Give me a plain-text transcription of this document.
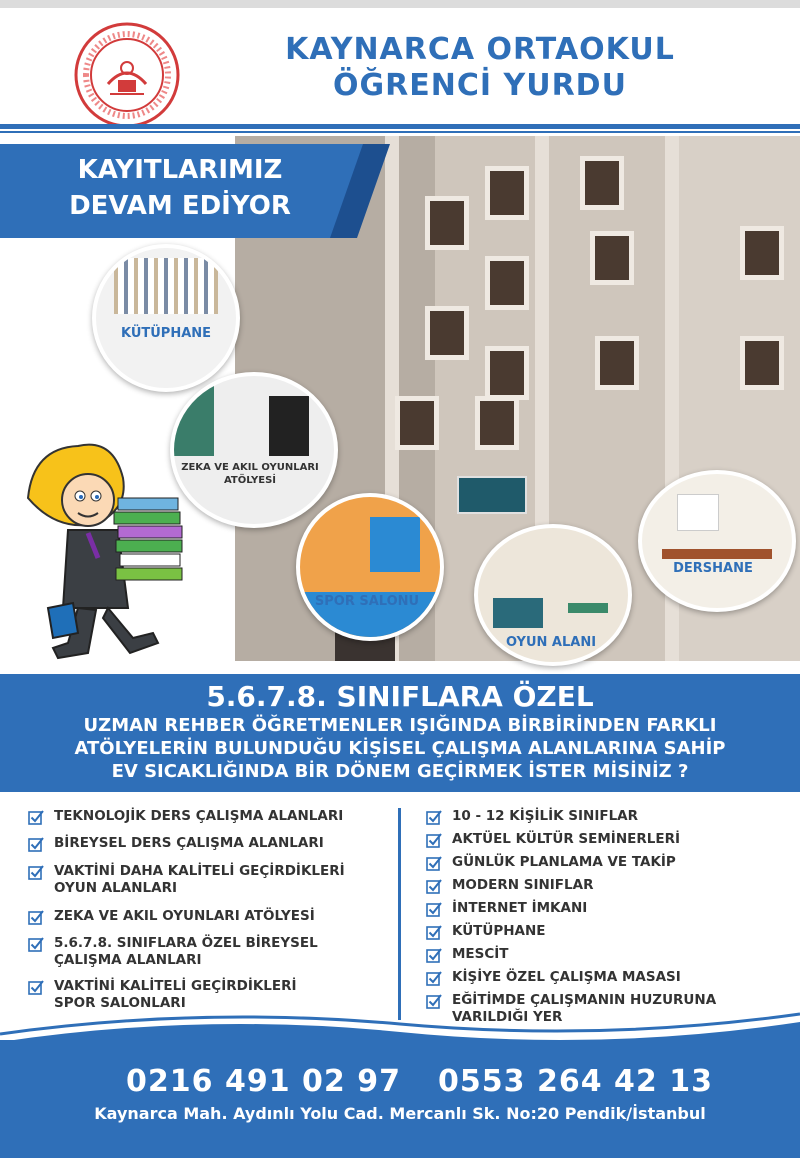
KAYNARCA ORTAOKUL
ÖĞRENCİ YURDU
KAYITLARIMIZ
DEVAM EDİYOR
KÜTÜPHANE
ZEKA VE AKIL OYUNLARI
ATÖLYESİ
SPOR SALONU
OYUN ALANI
DERSHANE
5.6.7.8. SINIFLARA ÖZEL
UZMAN REHBER ÖĞRETMENLER IŞIĞINDA BİRBİRİNDEN FARKLI
ATÖLYELERİN BULUNDUĞU KİŞİSEL ÇALIŞMA ALANLARINA SAHİP
EV SICAKLIĞINDA BİR DÖNEM GEÇİRMEK İSTER MİSİNİZ ?
TEKNOLOJİK DERS ÇALIŞMA ALANLARI
BİREYSEL DERS ÇALIŞMA ALANLARI
VAKTİNİ DAHA KALİTELİ GEÇİRDİKLERİ
OYUN ALANLARI
ZEKA VE AKIL OYUNLARI ATÖLYESİ
5.6.7.8. SINIFLARA ÖZEL BİREYSEL
ÇALIŞMA ALANLARI
VAKTİNİ KALİTELİ GEÇİRDİKLERİ
SPOR SALONLARI
10 - 12 KİŞİLİK SINIFLAR
AKTÜEL KÜLTÜR SEMİNERLERİ
GÜNLÜK PLANLAMA VE TAKİP
MODERN SINIFLAR
İNTERNET İMKANI
KÜTÜPHANE
MESCİT
KİŞİYE ÖZEL ÇALIŞMA MASASI
EĞİTİMDE ÇALIŞMANIN HUZURUNA
VARILDIĞI YER
0216 491 02 97 0553 264 42 13
Kaynarca Mah. Aydınlı Yolu Cad. Mercanlı Sk. No:20 Pendik/İstanbul
